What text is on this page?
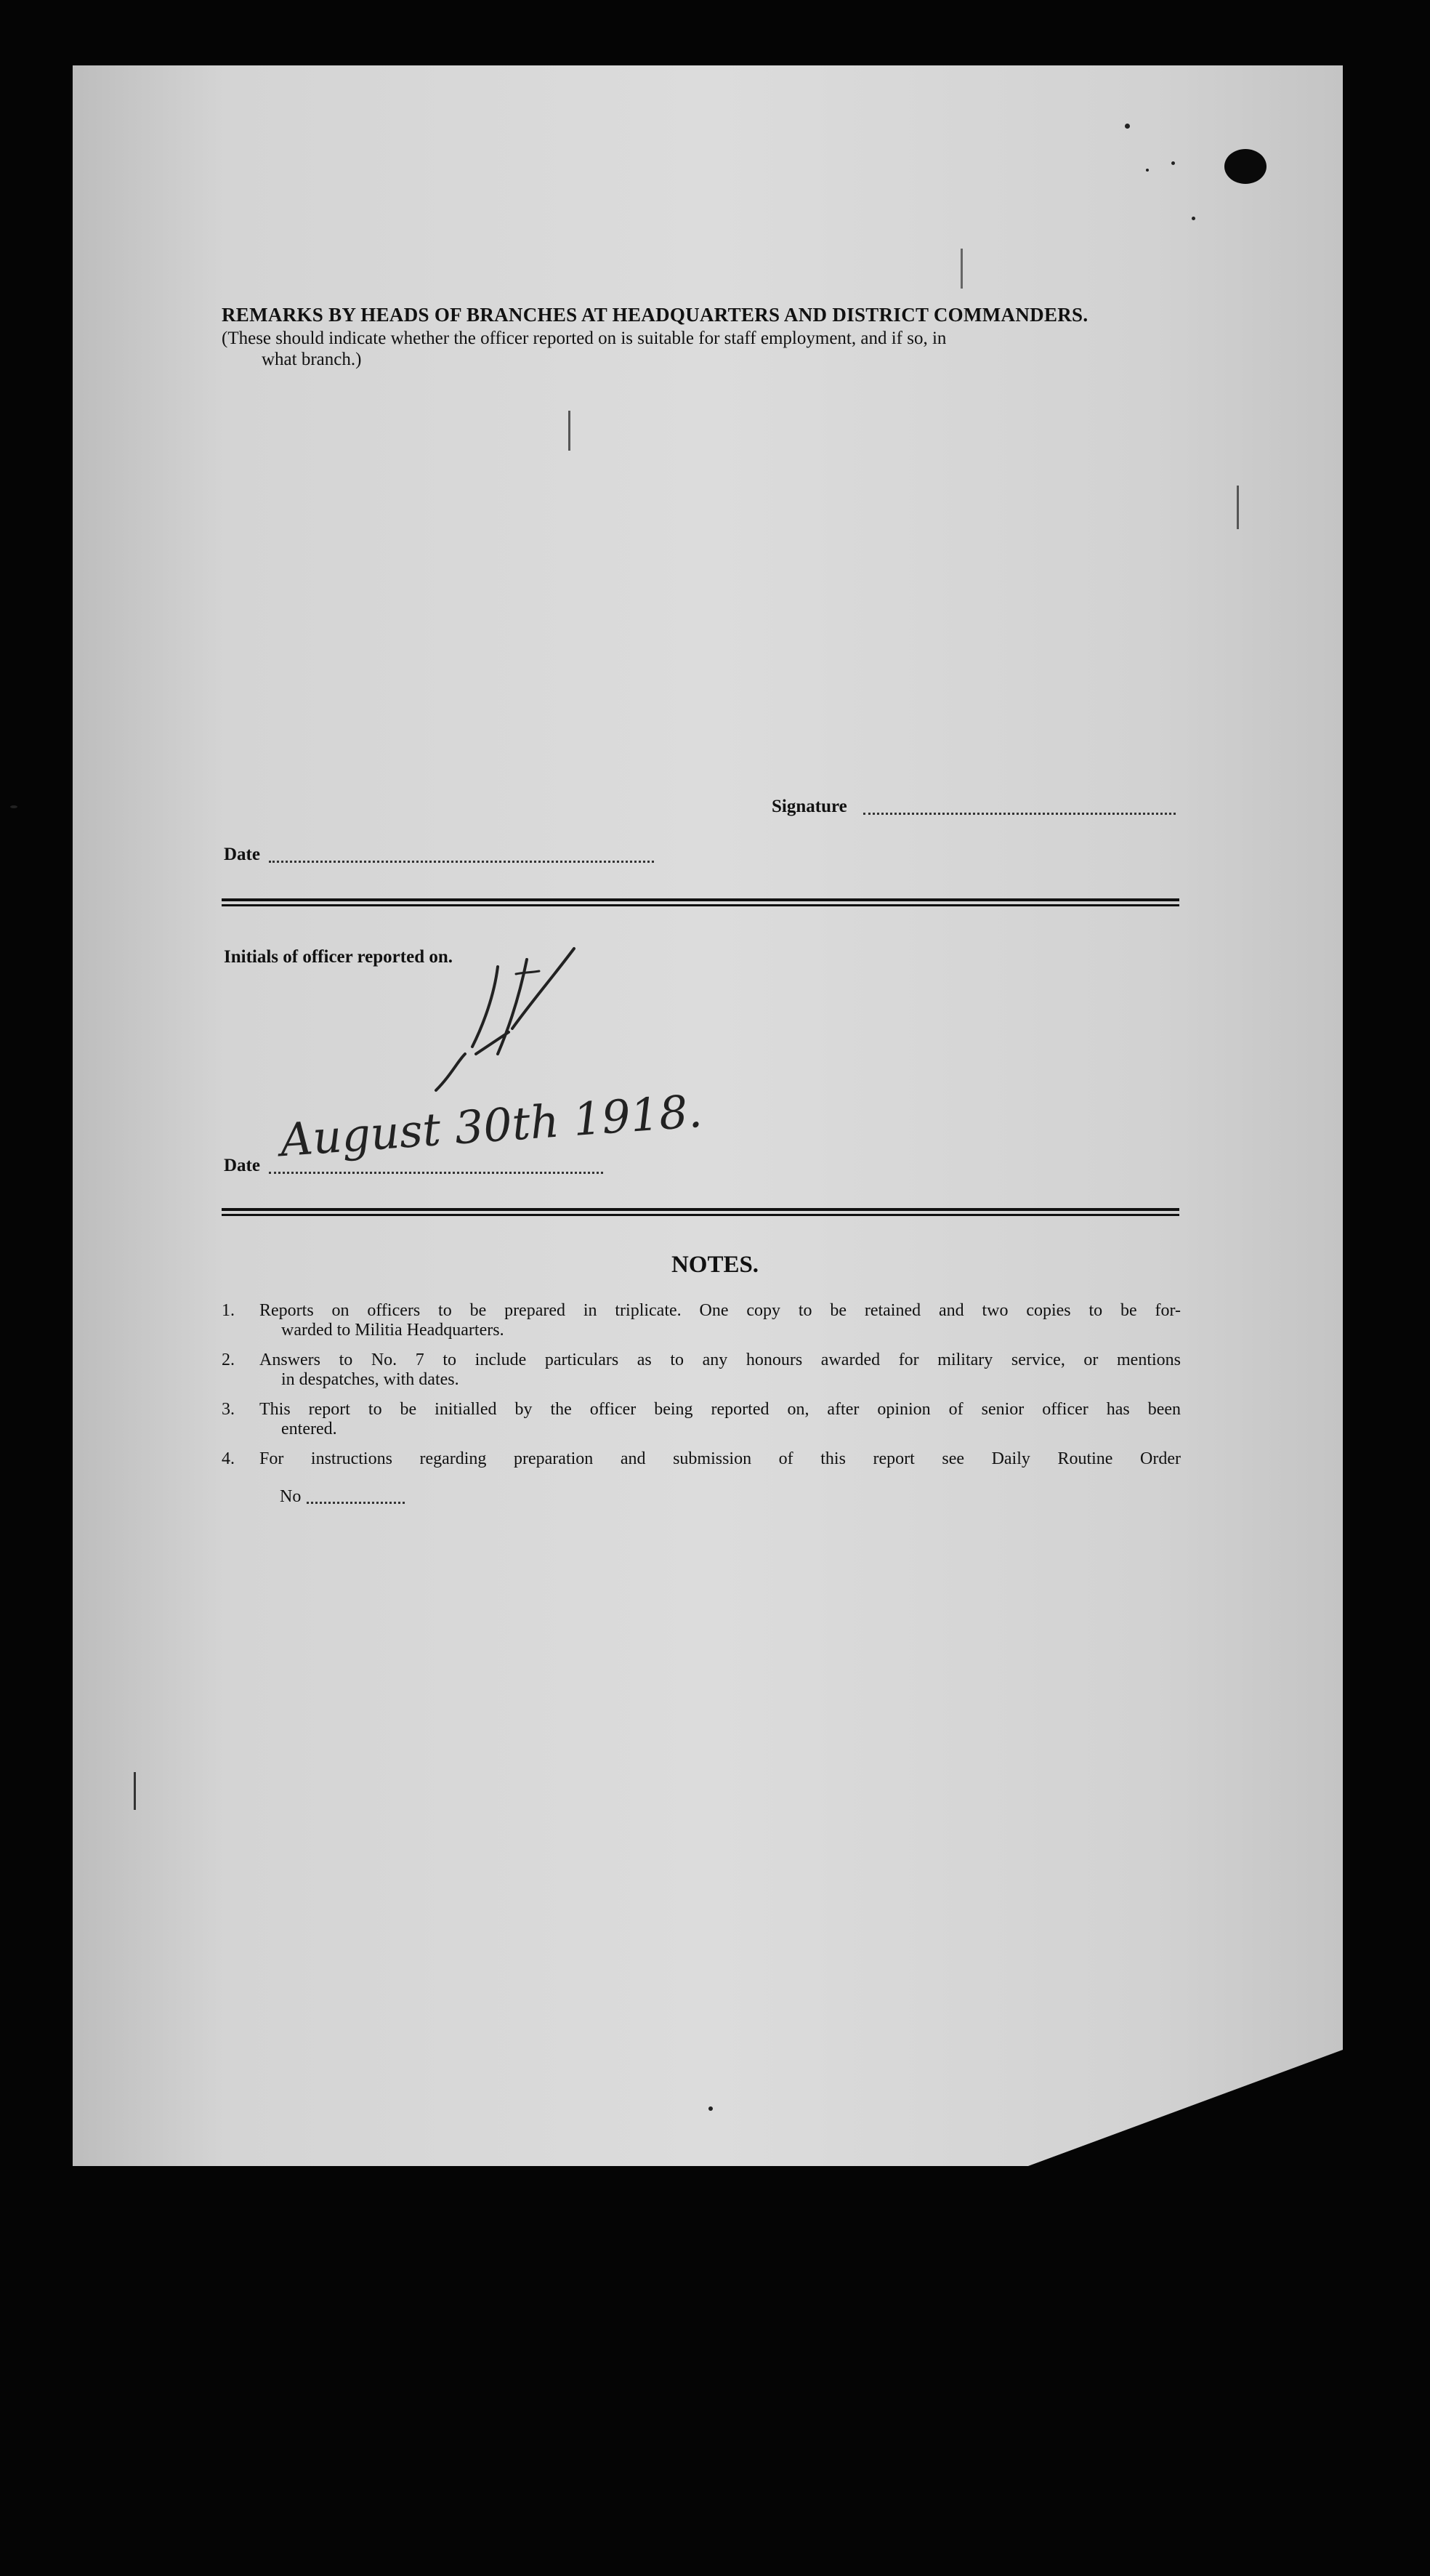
REMARKS BY HEADS OF BRANCHES AT HEADQUARTERS AND DISTRICT COMMANDERS.
(These should indicate whether the officer reported on is suitable for staff employment, and if so, in
what branch.)
Signature
Date
Initials of officer reported on.
Date August 30th 1918.
NOTES.
1.	Reports on officers to be prepared in triplicate. One copy to be retained and two copies to be for-
warded to Militia Headquarters.
2.	Answers to No. 7 to include particulars as to any honours awarded for military service, or mentions
in despatches, with dates.
3.	This report to be initialled by the officer being reported on, after opinion of senior officer has been
entered.
4.	For instructions regarding preparation and submission of this report see Daily Routine Order
No
